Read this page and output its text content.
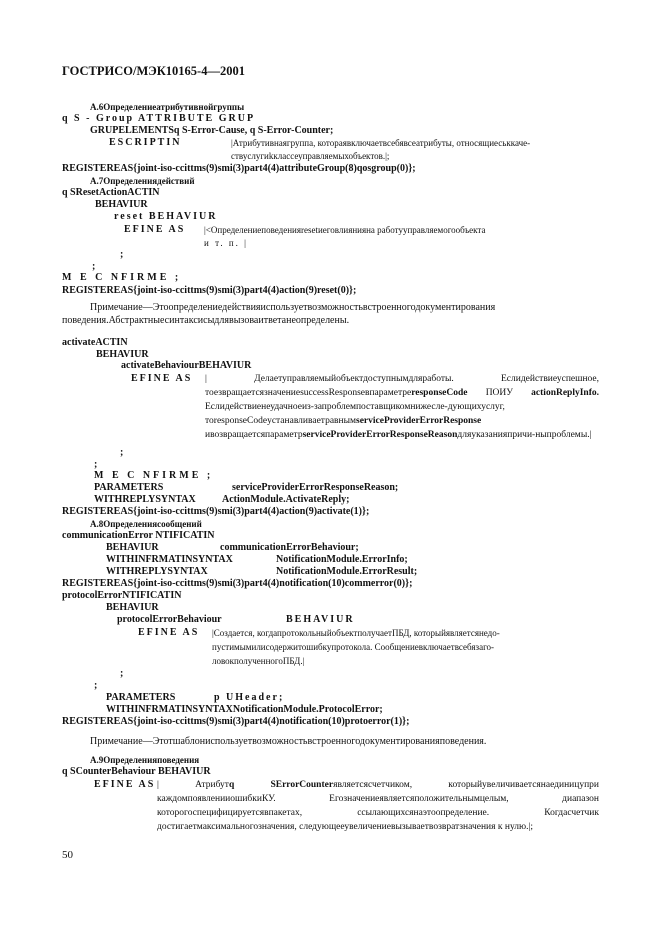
ГОСТРИСО/МЭК10165-4—2001
А.6Определениеатрибутивнойгруппы
q S - Group ATTRIBUTE GRUP
GRUPELEMENTSq S-Error-Cause, q S-Error-Counter;
ESCRIPTIN	|Атрибутивнаягруппа, котораявключаетвсебявсеатрибуты, относящиеськкаче-
ствуслугиkклассеуправляемыхобъектов.|;
REGISTEREAS{joint-iso-ccittms(9)smi(3)part4(4)attributeGroup(8)qosgroup(0)};
А.7Определениядействий
q SResetActionACTIN
BEHAVIUR
reset BEHAVIUR
EFINE AS |<Определениеповеденияresetиеговлиянияна работуупрaвляемогообъекта
и т. п. |
;
;
M E C NFIRME ;
REGISTEREAS{joint-iso-ccittms(9)smi(3)part4(4)action(9)reset(0)};
Примечание—Этоопределениедействияиспользуетвозможностьвстроенногодокументирования
поведения.Абстрактныесинтаксисыдлявызоваитветанеопределены.
activateACTIN
BEHAVIUR
activateBehaviourBEHAVIUR
EFINE AS | Делаетуправляемыйобъектдоступнымдляработы. Еслидействиеуспешное, тоезвращаетсязначениеsuccessResponseвпараметреresponseCode ПОИУ actionReplyInfo. Еслидействиенеудачноеиз-запроблемпоставщикомнижесле-дующихуслуг, тоresponseCodeустанавливаетравнымserviceProviderErrorResponse ивозвращаетсяпараметрserviceProviderErrorResponseReasonдляуказанияпричи-ныпроблемы.|
;
;
M E C NFIRME ;
PARAMETERS	serviceProviderErrorResponseReason;
WITHREPLYSYNTAX	ActionModule.ActivateReply;
REGISTEREAS{joint-iso-ccittms(9)smi(3)part4(4)action(9)activate(1)};
А.8Определениясообщений
communicationError NTIFICATIN
BEHAVIUR	communicationErrorBehaviour;
WITHINFRMATINSYNTAX	NotificationModule.ErrorInfo;
WITHREPLYSYNTAX	NotificationModule.ErrorResult;
REGISTEREAS{joint-iso-ccittms(9)smi(3)part4(4)notification(10)commerror(0)};
protocolErrorNTIFICATIN
BEHAVIUR
protocolErrorBehaviour	BEHAVIUR
EFINE AS |Создается, когдапротокольныйобъектполучаетПБД, которыйявляетсянедо-
пустимымилисодержитошибкупротокола. Сообщениевключаетвсебязаго-
ловокполученногоПБД.|
;
;
PARAMETERS	p UHeader;
WITHINFRMATINSYNTAXNotificationModule.ProtocolError;
REGISTEREAS{joint-iso-ccittms(9)smi(3)part4(4)notification(10)protoerror(1)};
Примечание—Этотшаблониспользуетвозможностьвстроенногодокументированияповедения.
А.9Определенияповедения
q SCounterBehaviour BEHAVIUR
EFINE AS | Атрибутq SErrorCounterявляетсясчетчиком, которыйувеличиваетсянаединицупри каждомпоявленииошибкиКУ. Егозначениеявляетсяположительнымцелым, диапазон которогоспецифицируетсявпакетах, ссылающихсянаэтоопределение. Когдасчетчик достигаетмаксимальногозначения, следующееувеличениевызываетвозвратзначения к нулю.|;
50
